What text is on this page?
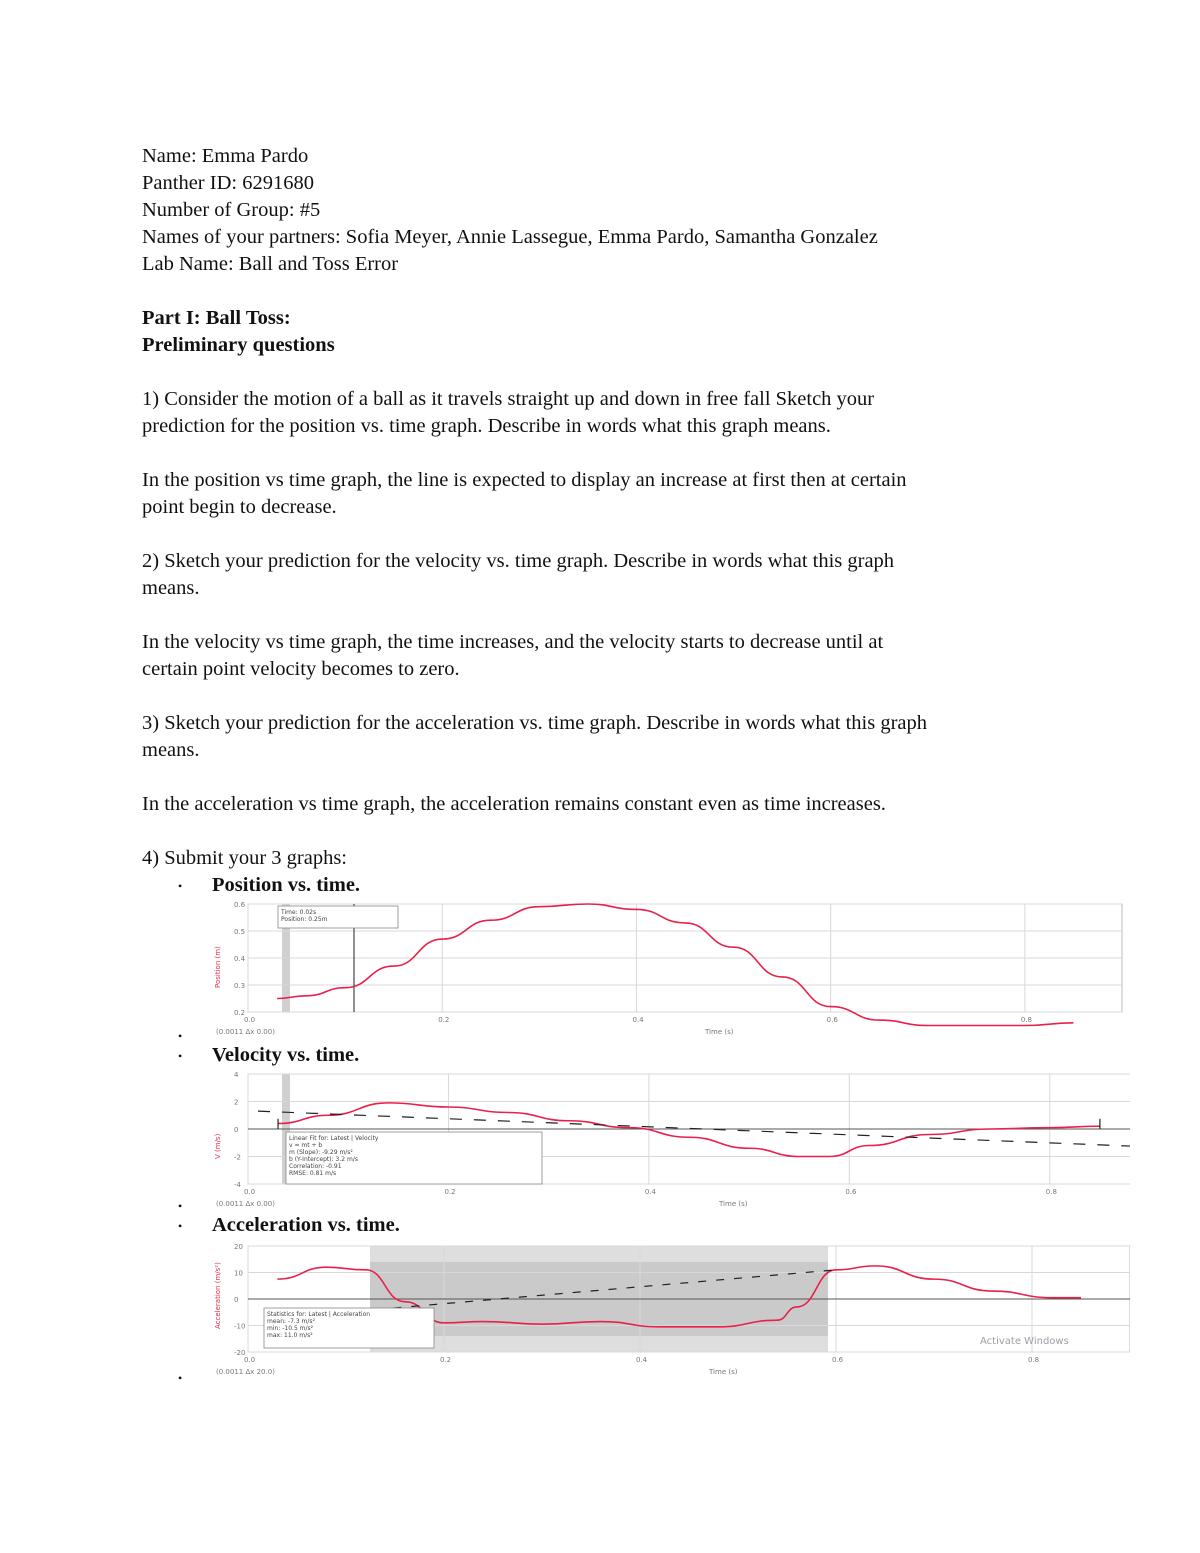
Name: Emma Pardo
Panther ID: 6291680
Number of Group: #5
Names of your partners: Sofia Meyer, Annie Lassegue, Emma Pardo, Samantha Gonzalez
Lab Name: Ball and Toss Error
Part I: Ball Toss:
Preliminary questions
1) Consider the motion of a ball as it travels straight up and down in free fall Sketch your
prediction for the position vs. time graph. Describe in words what this graph means.
In the position vs time graph, the line is expected to display an increase at first then at certain
point begin to decrease.
2) Sketch your prediction for the velocity vs. time graph. Describe in words what this graph
means.
In the velocity vs time graph, the time increases, and the velocity starts to decrease until at
certain point velocity becomes to zero.
3) Sketch your prediction for the acceleration vs. time graph. Describe in words what this graph
means.
In the acceleration vs time graph, the acceleration remains constant even as time increases.
4) Submit your 3 graphs:
• Position vs. time.
•
• Velocity vs. time.
•
• Acceleration vs. time.
•
0.0	0.2	0.4	0.6	0.8
0.6
0.5
0.4
0.3
0.2
Time (s)
Position (m)
(0.0011 Δx 0.00)
Time: 0.02s
Position: 0.25m
0.0	0.2	0.4	0.6	0.8
4
2
0
-2
-4
Time (s)
V (m/s)
(0.0011 Δx 0.00)
Linear Fit for: Latest | Velocity
v = mt + b
m (Slope): -9.29 m/s²
b (Y-Intercept): 3.2 m/s
Correlation: -0.91
RMSE: 0.81 m/s
0.0	0.2	0.4	0.6	0.8
20
10
0
-10
-20
Time (s)
Acceleration (m/s²)
(0.0011 Δx 20.0)
Statistics for: Latest | Acceleration
mean: -7.3 m/s²
min: -10.5 m/s²
max: 11.0 m/s²
Activate Windows
